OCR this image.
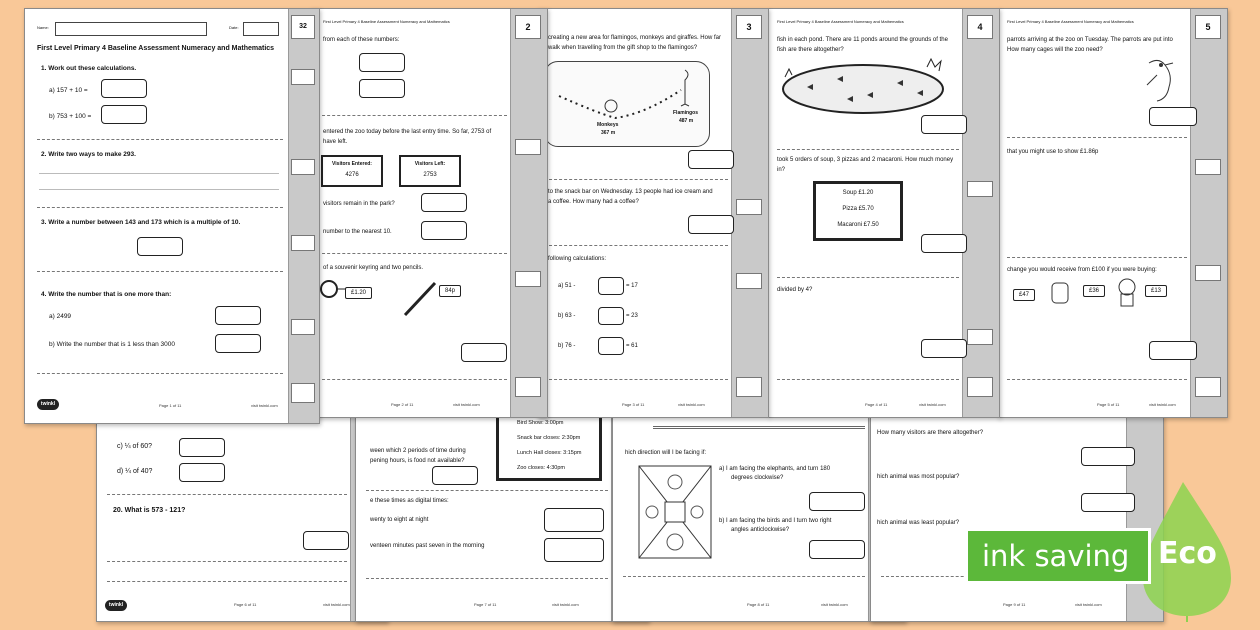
c) ¼ of 60?
d) ¼ of 40?
20. What is 573 - 121?
twinkl	Page 6 of 11	visit twinkl.com
Bird Show: 3:00pm
Snack bar closes: 2:30pm
Lunch Hall closes: 3:15pm
Zoo closes: 4:30pm
ween which 2 periods of time during
pening hours, is food not available?
e these times as digital times:
wenty to eight at night
venteen minutes past seven in the morning
Page 7 of 11	visit twinkl.com
hich direction will I be facing if:
a) I am facing the elephants, and turn 180
degrees clockwise?
b) I am facing the birds and I turn two right
angles anticlockwise?
Page 8 of 11	visit twinkl.com
How many visitors are there altogether?
hich animal was most popular?
hich animal was least popular?
Page 9 of 11	visit twinkl.com
5
First Level Primary 4 Baseline Assessment Numeracy and Mathematics
parrots arriving at the zoo on Tuesday. The parrots are put into
How many cages will the zoo need?
that you might use to show £1.86p
change you would receive from £100 if you were buying:
£47
£36	£13
Page 5 of 11	visit twinkl.com
4
First Level Primary 4 Baseline Assessment Numeracy and Mathematics
fish in each pond. There are 11 ponds around the grounds of the
fish are there altogether?
took 5 orders of soup, 3 pizzas and 2 macaroni. How much money
in?
Soup £1.20
Pizza £5.70
Macaroni £7.50
divided by 4?
Page 4 of 11	visit twinkl.com
3
creating a new area for flamingos, monkeys and giraffes. How far
walk when travelling from the gift shop to the flamingos?
Flamingos
487 m
Monkeys
367 m
to the snack bar on Wednesday. 13 people had ice cream and
a coffee. How many had a coffee?
following calculations:
a) 51 -	= 17
b) 63 -	= 23
b) 76 -	= 61
Page 3 of 11	visit twinkl.com
2
First Level Primary 4 Baseline Assessment Numeracy and Mathematics
from each of these numbers:
entered the zoo today before the last entry time. So far, 2753 of
have left.
Visitors Entered:
4276
Visitors Left:
2753
visitors remain in the park?
number to the nearest 10.
of a souvenir keyring and two pencils.
£1.20	84p
Page 2 of 11	visit twinkl.com
32
Name:	Date:
First Level Primary 4 Baseline Assessment Numeracy and Mathematics
1. Work out these calculations.
a) 157 + 10 =
b) 753 + 100 =
2. Write two ways to make 293.
3. Write a number between 143 and 173 which is a multiple of 10.
4. Write the number that is one more than:
a) 2499
b) Write the number that is 1 less than 3000
twinkl	Page 1 of 11	visit twinkl.com
ink saving Eco
